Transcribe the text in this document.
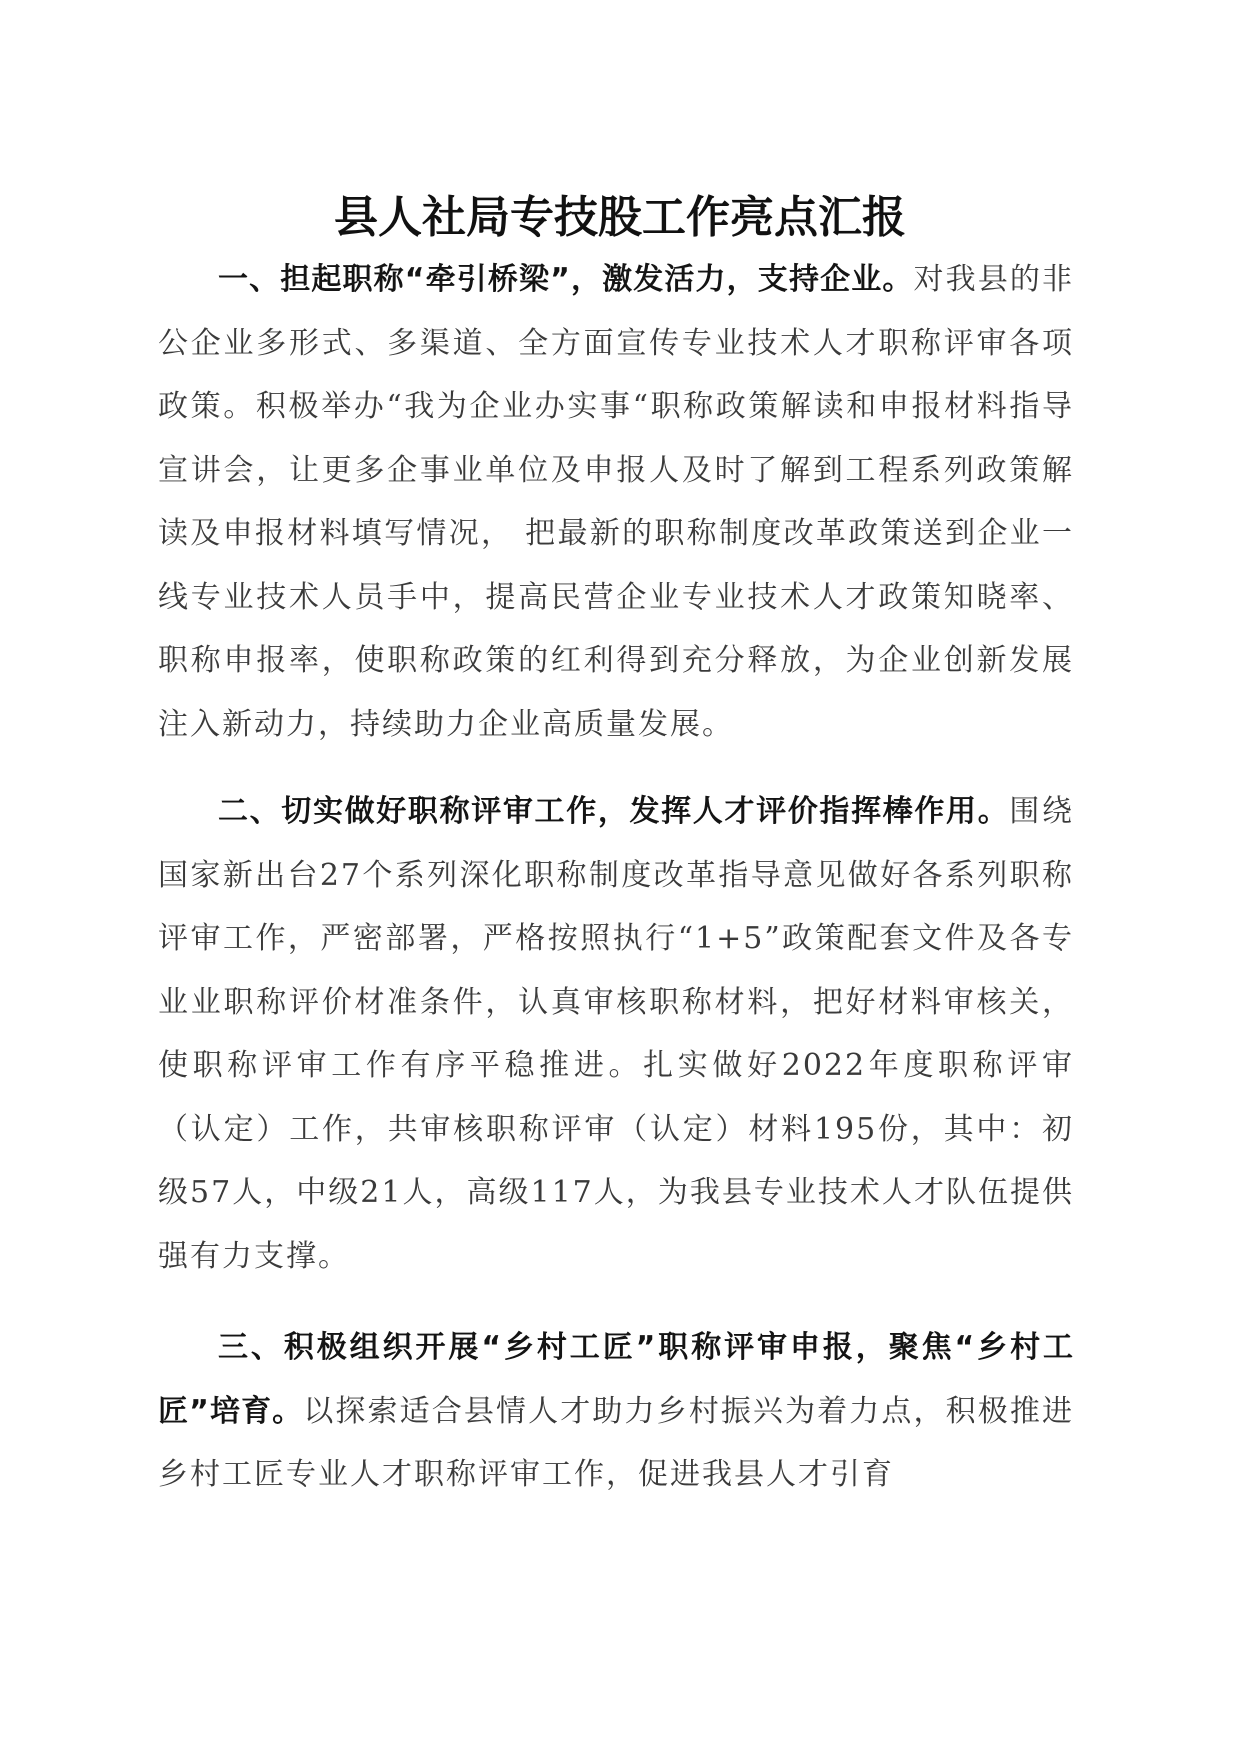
县人社局专技股工作亮点汇报

一、担起职称“牵引桥梁”，激发活力，支持企业。对我县的非公企业多形式、多渠道、全方面宣传专业技术人才职称评审各项政策。积极举办“我为企业办实事“职称政策解读和申报材料指导宣讲会，让更多企事业单位及申报人及时了解到工程系列政策解读及申报材料填写情况， 把最新的职称制度改革政策送到企业一线专业技术人员手中，提高民营企业专业技术人才政策知晓率、职称申报率，使职称政策的红利得到充分释放，为企业创新发展注入新动力，持续助力企业高质量发展。

二、切实做好职称评审工作，发挥人才评价指挥棒作用。围绕国家新出台27个系列深化职称制度改革指导意见做好各系列职称评审工作，严密部署，严格按照执行“1+5”政策配套文件及各专业业职称评价材准条件，认真审核职称材料，把好材料审核关，使职称评审工作有序平稳推进。扎实做好2022年度职称评审（认定）工作，共审核职称评审（认定）材料195份，其中：初级57人，中级21人，高级117人，为我县专业技术人才队伍提供强有力支撑。

三、积极组织开展“乡村工匠”职称评审申报，聚焦“乡村工匠”培育。以探索适合县情人才助力乡村振兴为着力点，积极推进乡村工匠专业人才职称评审工作，促进我县人才引育
